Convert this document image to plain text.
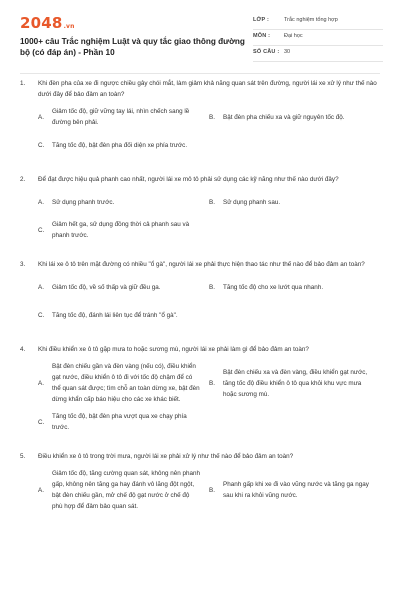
2048.vn
1000+ câu Trắc nghiệm Luật và quy tắc giao thông đường bộ (có đáp án) - Phần 10
LỚP :	Trắc nghiệm tổng hợp
MÔN :	Đại học
SỐ CÂU : 30
1. Khi đèn pha của xe đi ngược chiều gây chói mắt, làm giảm khả năng quan sát trên đường, người lái xe xử lý như thế nào dưới đây để bảo đảm an toàn?
A.
Giảm tốc độ, giữ vững tay lái, nhìn chếch sang lề đường bên phải.
B.	Bật đèn pha chiếu xa và giữ nguyên tốc độ.
C.	Tăng tốc độ, bật đèn pha đối diện xe phía trước.
2. Để đạt được hiệu quả phanh cao nhất, người lái xe mô tô phải sử dụng các kỹ năng như thế nào dưới đây?
A.	Sử dụng phanh trước.	B.	Sử dụng phanh sau.
C.
Giảm hết ga, sử dụng đồng thời cả phanh sau và phanh trước.
3. Khi lái xe ô tô trên mặt đường có nhiều "ổ gà", người lái xe phải thực hiện thao tác như thế nào để bảo đảm an toàn?
A.	Giảm tốc độ, về số thấp và giữ đều ga.	B.	Tăng tốc độ cho xe lướt qua nhanh.
C.	Tăng tốc độ, đánh lái liên tục để tránh "ổ gà".
4. Khi điều khiển xe ô tô gặp mưa to hoặc sương mù, người lái xe phải làm gì để bảo đảm an toàn?
A.
Bật đèn chiếu gần và đèn vàng (nếu có), điều khiển gạt nước, điều khiển ô tô đi với tốc độ chậm để có thể quan sát được; tìm chỗ an toàn dừng xe, bật đèn dừng khẩn cấp báo hiệu cho các xe khác biết.
B.
Bật đèn chiếu xa và đèn vàng, điều khiển gạt nước, tăng tốc độ điều khiển ô tô qua khỏi khu vực mưa hoặc sương mù.
C.
Tăng tốc độ, bật đèn pha vượt qua xe chạy phía trước.
5. Điều khiển xe ô tô trong trời mưa, người lái xe phải xử lý như thế nào để bảo đảm an toàn?
A.
Giảm tốc độ, tăng cường quan sát, không nên phanh gấp, không nên tăng ga hay đánh vô lăng đột ngột, bật đèn chiếu gần, mở chế độ gạt nước ở chế độ phù hợp để đảm bảo quan sát.
B.
Phanh gấp khi xe đi vào vũng nước và tăng ga ngay sau khi ra khỏi vũng nước.
